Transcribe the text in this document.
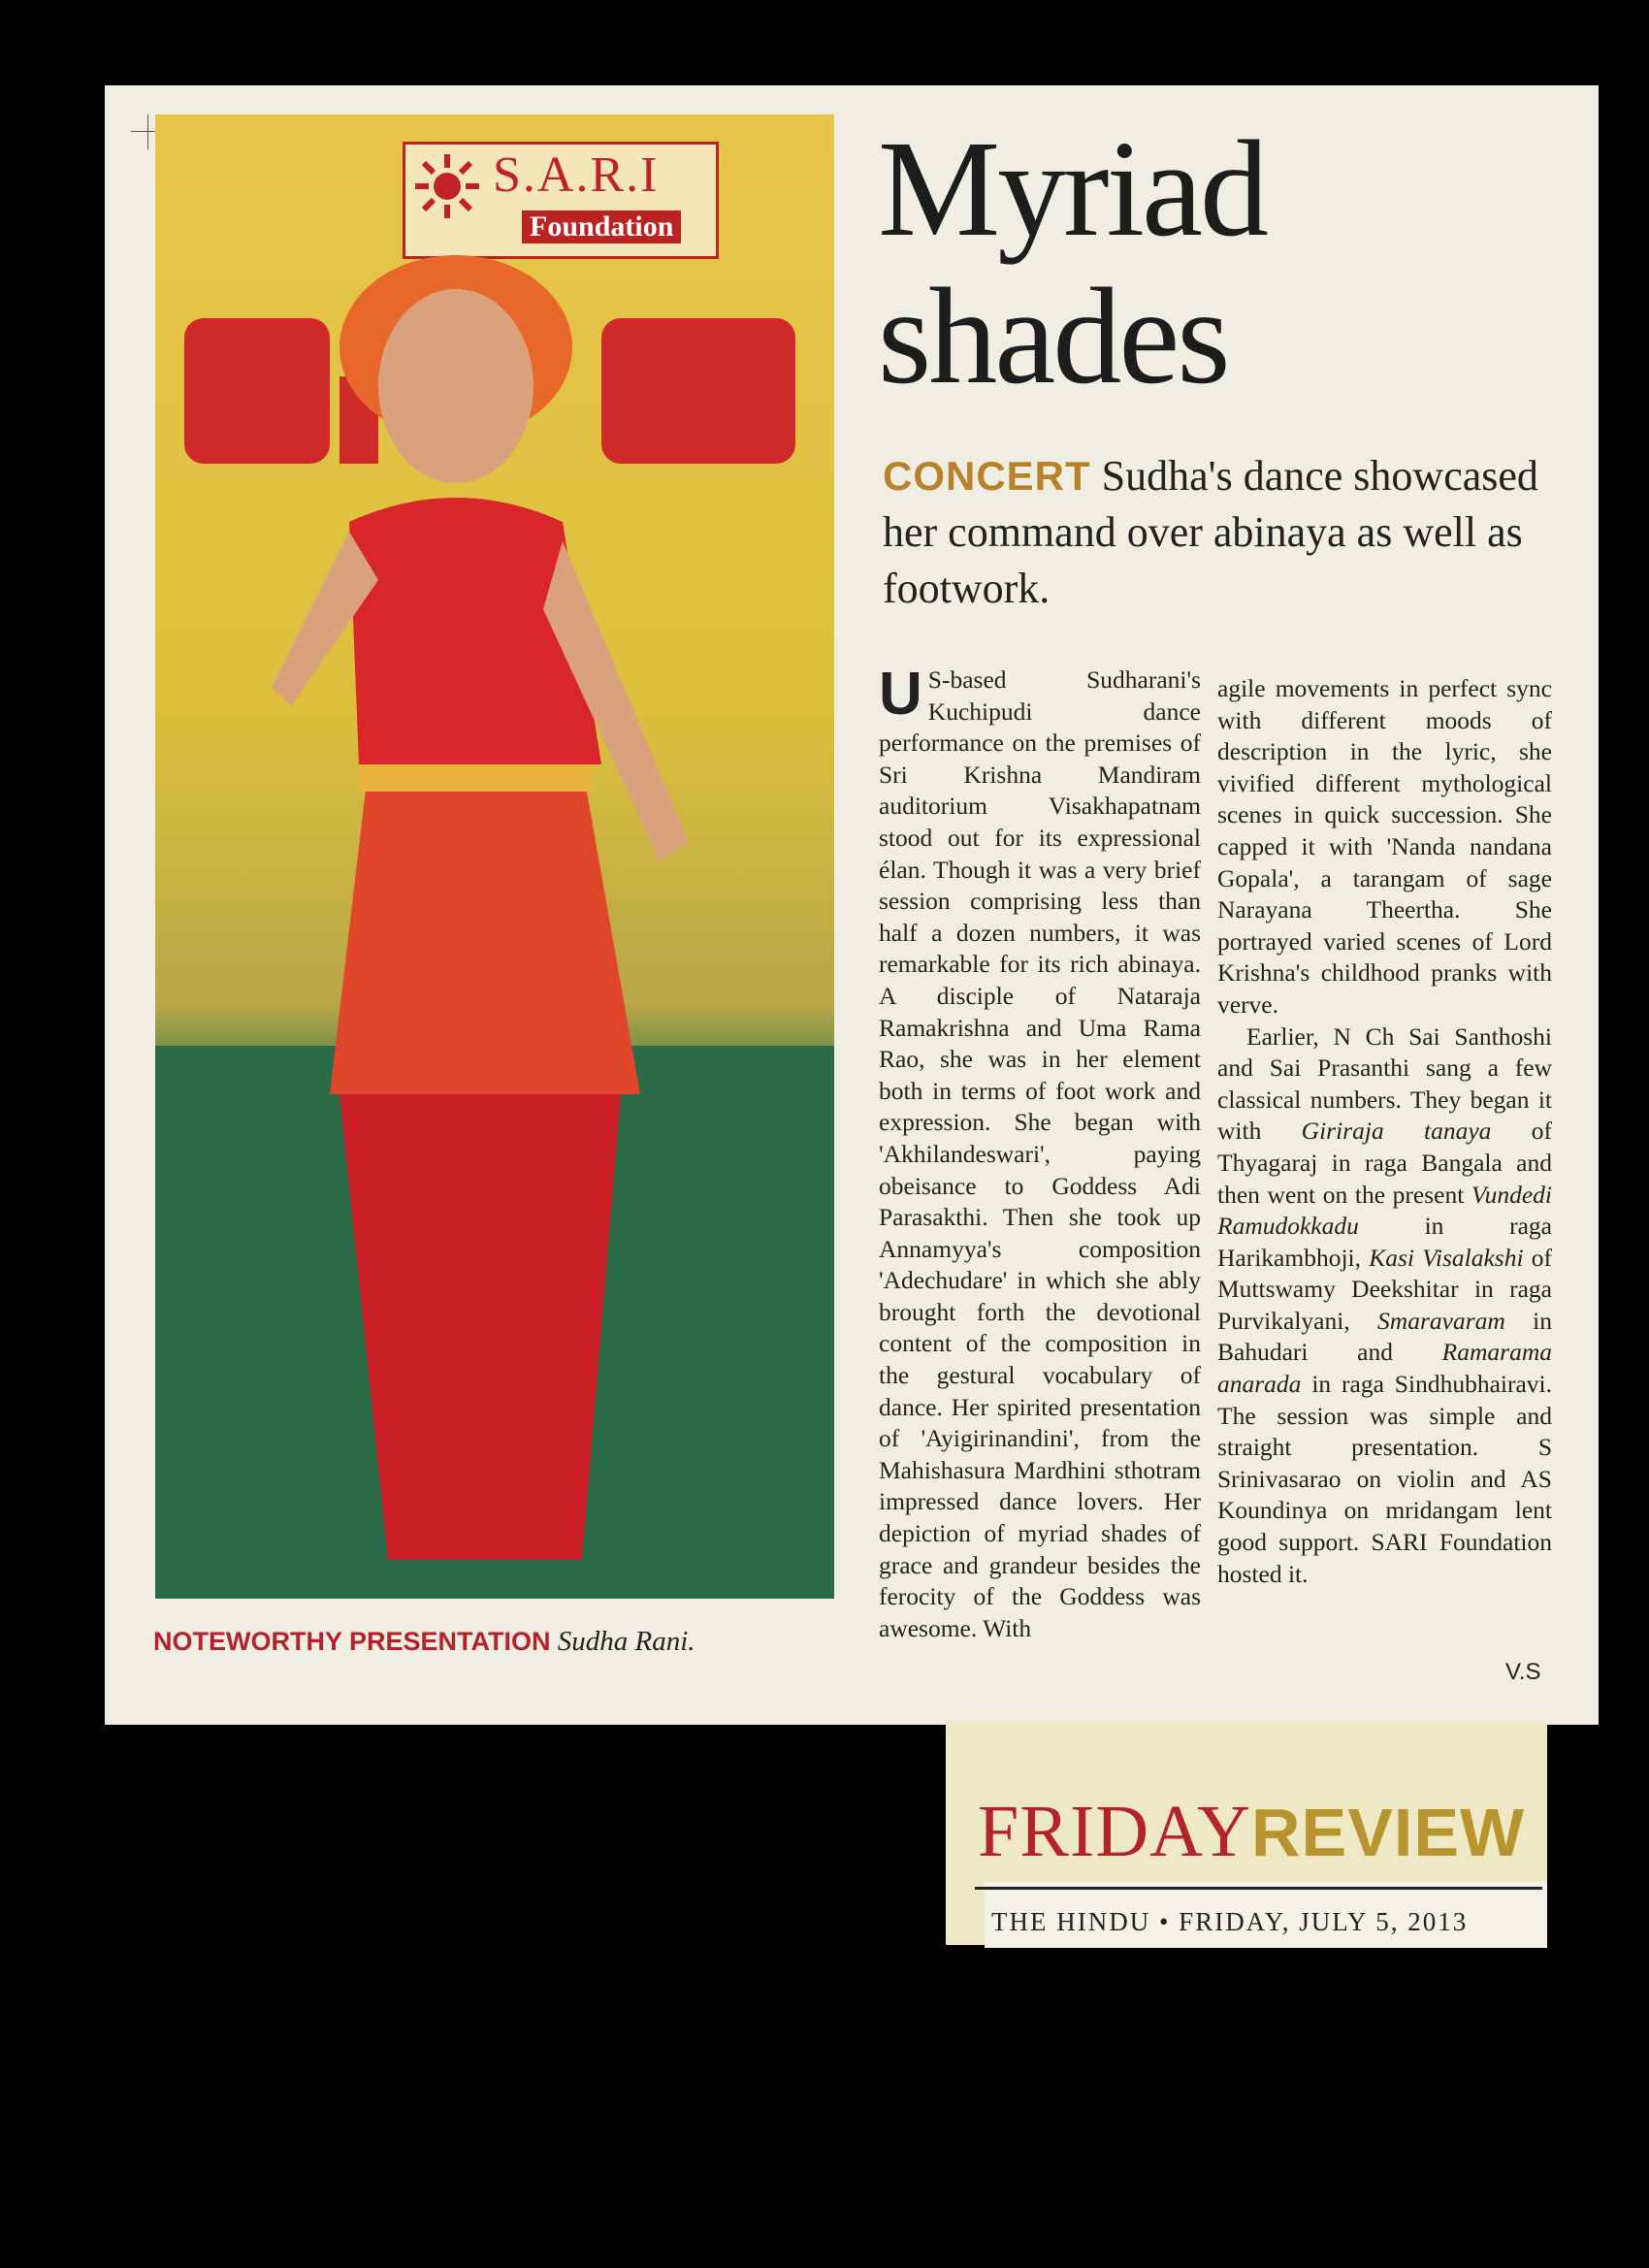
S.A.R.I
Foundation Myriad
shades
CONCERT Sudha's dance showcased her command over abinaya as well as footwork.
U S-based Sudharani's Kuchipudi dance performance on the premises of Sri Krishna Mandiram auditorium Visakhapatnam stood out for its expressional élan. Though it was a very brief session comprising less than half a dozen numbers, it was remarkable for its rich abinaya. A disciple of Nataraja Ramakrishna and Uma Rama Rao, she was in her element both in terms of foot work and expression. She began with 'Akhilandeswari', paying obeisance to Goddess Adi Parasakthi. Then she took up Annamyya's composition 'Adechudare' in which she ably brought forth the devotional content of the composition in the gestural vocabulary of dance. Her spirited presentation of 'Ayigirinandini', from the Mahishasura Mardhini sthotram impressed dance lovers. Her depiction of myriad shades of grace and grandeur besides the ferocity of the Goddess was awesome. With
agile movements in perfect sync with different moods of description in the lyric, she vivified different mythological scenes in quick succession. She capped it with 'Nanda nandana Gopala', a tarangam of sage Narayana Theertha. She portrayed varied scenes of Lord Krishna's childhood pranks with verve.
Earlier, N Ch Sai Santhoshi and Sai Prasanthi sang a few classical numbers. They began it with Giriraja tanaya of Thyagaraj in raga Bangala and then went on the present Vundedi Ramudokkadu in raga Harikambhoji, Kasi Visalakshi of Muttswamy Deekshitar in raga Purvikalyani, Smaravaram in Bahudari and Ramarama anarada in raga Sindhubhairavi. The session was simple and straight presentation. S Srinivasarao on violin and AS Koundinya on mridangam lent good support. SARI Foundation hosted it.
V.S
NOTEWORTHY PRESENTATION Sudha Rani.
FRIDAYREVIEW
THE HINDU • FRIDAY, JULY 5, 2013
